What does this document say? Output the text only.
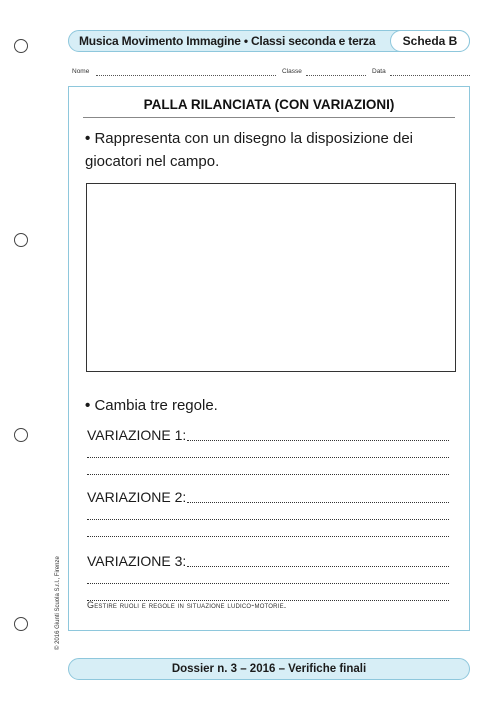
Musica Movimento Immagine • Classi seconda e terza	Scheda B
Nome	Classe	Data
© 2016 Giunti Scuola S.r.l., Firenze
PALLA RILANCIATA (CON VARIAZIONI)
• Rappresenta con un disegno la disposizione dei giocatori nel campo.
• Cambia tre regole.
VARIAZIONE 1:
VARIAZIONE 2:
VARIAZIONE 3:
Gestire ruoli e regole in situazione ludico-motorie.
Dossier n. 3 – 2016 – Verifiche finali
